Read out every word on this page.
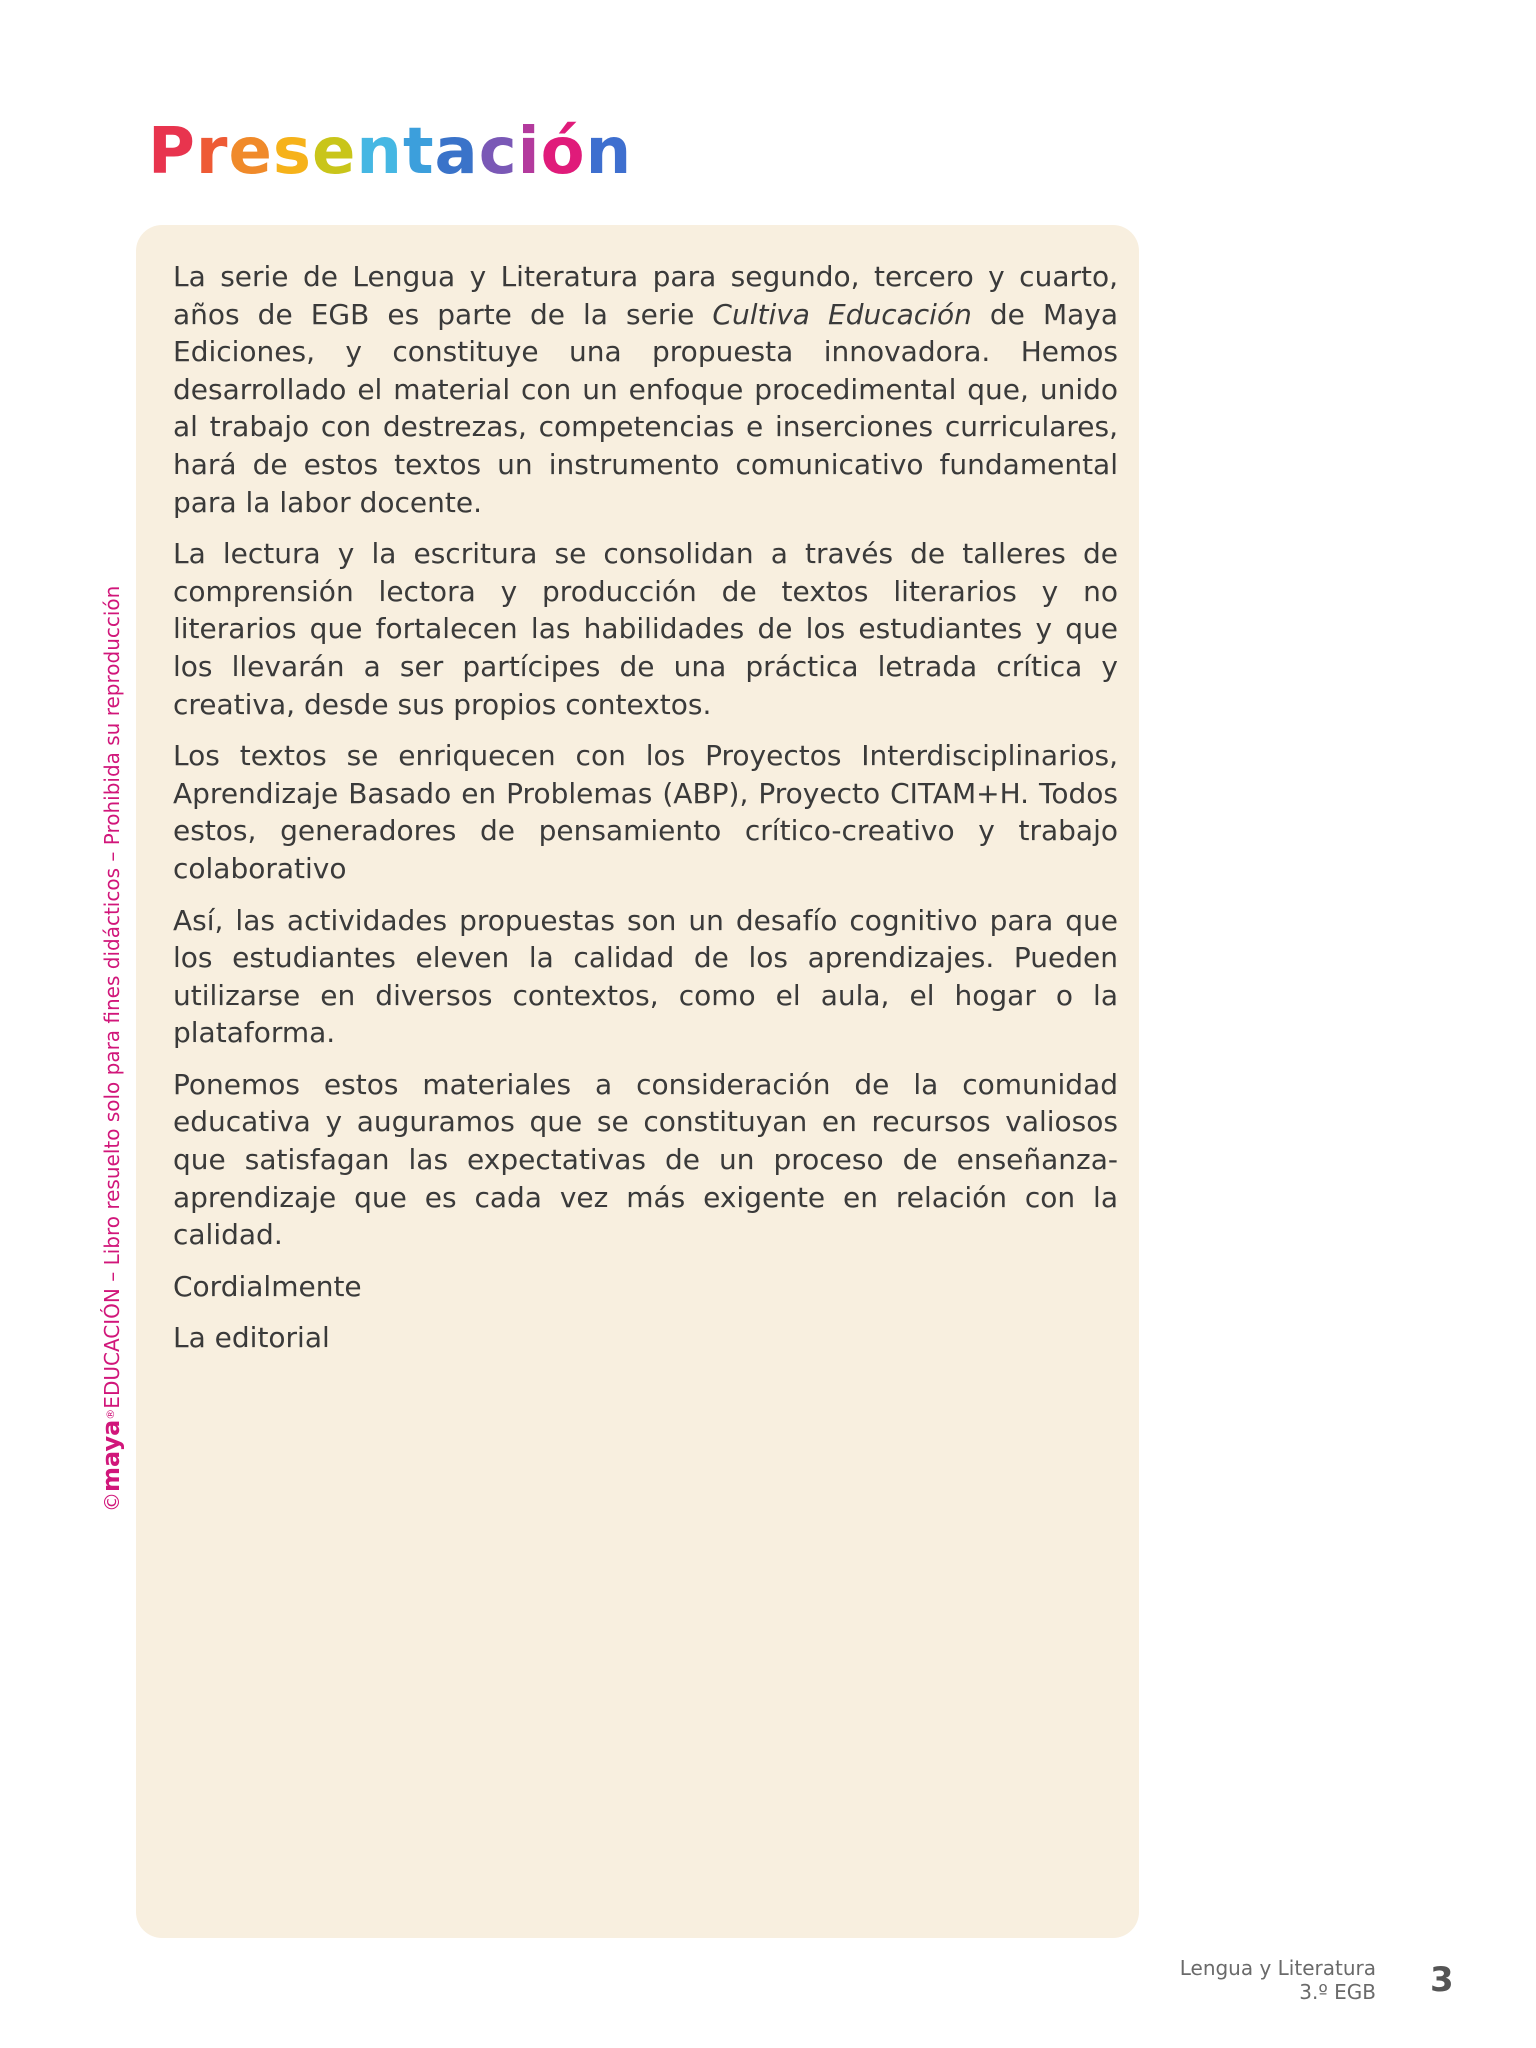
Presentación

La serie de Lengua y Literatura para segundo, tercero y cuarto, años de EGB es parte de la serie Cultiva Educación de Maya Ediciones, y constituye una propuesta innovadora. Hemos desarrollado el material con un enfoque procedimental que, unido al trabajo con destrezas, competencias e inserciones curriculares, hará de estos textos un instrumento comunicativo fundamental para la labor docente.

La lectura y la escritura se consolidan a través de talleres de comprensión lectora y producción de textos literarios y no literarios que fortalecen las habilidades de los estudiantes y que los llevarán a ser partícipes de una práctica letrada crítica y creativa, desde sus propios contextos.

Los textos se enriquecen con los Proyectos Interdisciplinarios, Aprendizaje Basado en Problemas (ABP), Proyecto CITAM+H. Todos estos, generadores de pensamiento crítico-creativo y trabajo colaborativo

Así, las actividades propuestas son un desafío cognitivo para que los estudiantes eleven la calidad de los aprendizajes. Pueden utilizarse en diversos contextos, como el aula, el hogar o la plataforma.

Ponemos estos materiales a consideración de la comunidad educativa y auguramos que se constituyan en recursos valiosos que satisfagan las expectativas de un proceso de enseñanza-aprendizaje que es cada vez más exigente en relación con la calidad.

Cordialmente
La editorial
©maya®EDUCACIÓN – Libro resuelto solo para fines didácticos – Prohibida su reproducción
Lengua y Literatura
3.º EGB 3
